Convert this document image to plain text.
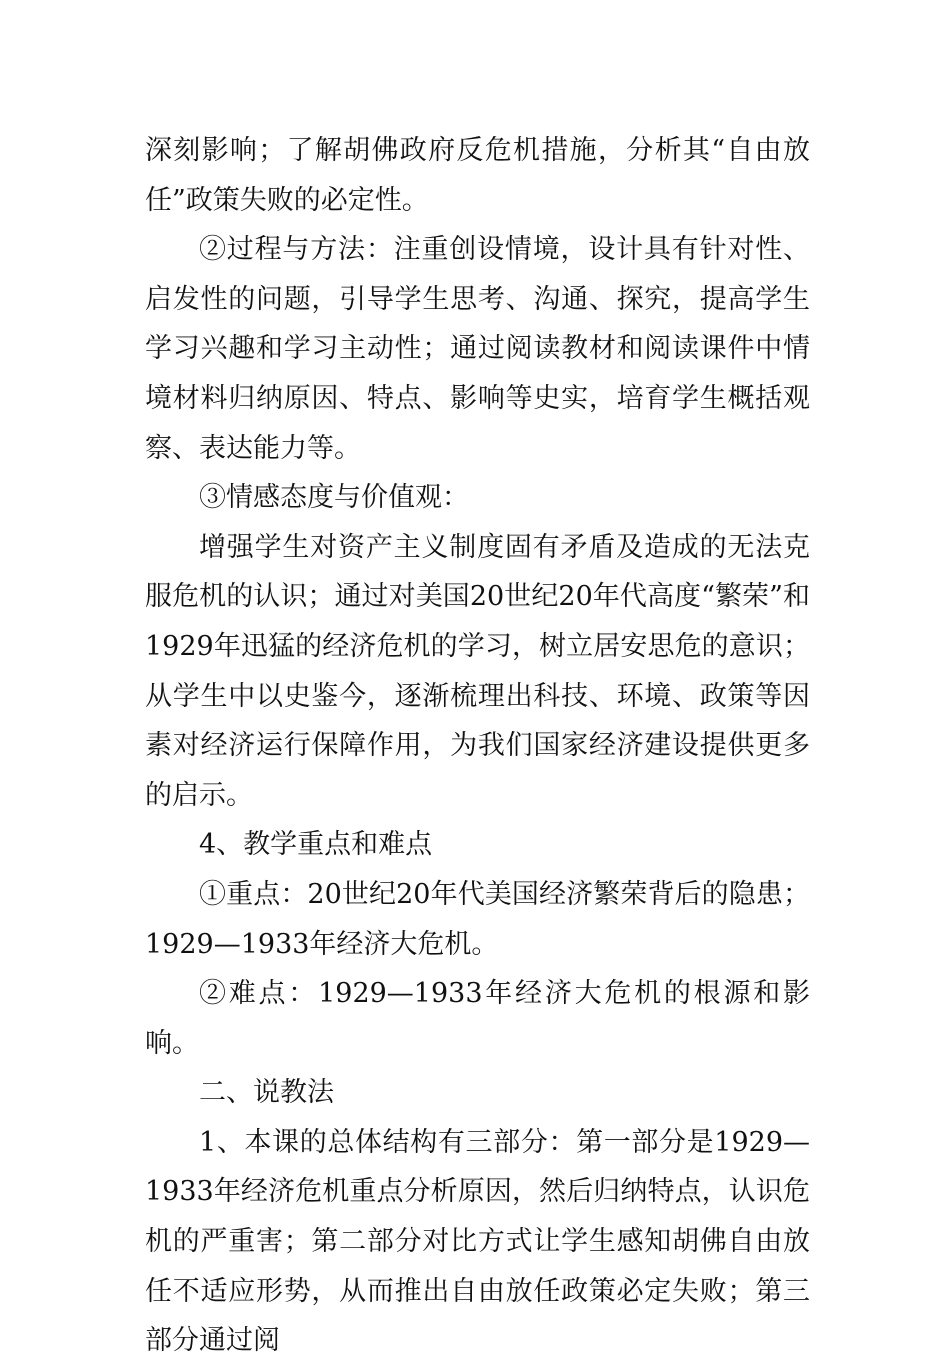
深刻影响；了解胡佛政府反危机措施，分析其“自由放任”政策失败的必定性。

②过程与方法：注重创设情境，设计具有针对性、启发性的问题，引导学生思考、沟通、探究，提高学生学习兴趣和学习主动性；通过阅读教材和阅读课件中情境材料归纳原因、特点、影响等史实，培育学生概括观察、表达能力等。

③情感态度与价值观：

增强学生对资产主义制度固有矛盾及造成的无法克服危机的认识；通过对美国20世纪20年代高度“繁荣”和1929年迅猛的经济危机的学习，树立居安思危的意识；从学生中以史鉴今，逐渐梳理出科技、环境、政策等因素对经济运行保障作用，为我们国家经济建设提供更多的启示。

4、教学重点和难点

①重点：20世纪20年代美国经济繁荣背后的隐患；1929—1933年经济大危机。

②难点：1929—1933年经济大危机的根源和影响。

二、说教法

1、本课的总体结构有三部分：第一部分是1929—1933年经济危机重点分析原因，然后归纳特点，认识危机的严重害；第二部分对比方式让学生感知胡佛自由放任不适应形势，从而推出自由放任政策必定失败；第三部分通过阅
